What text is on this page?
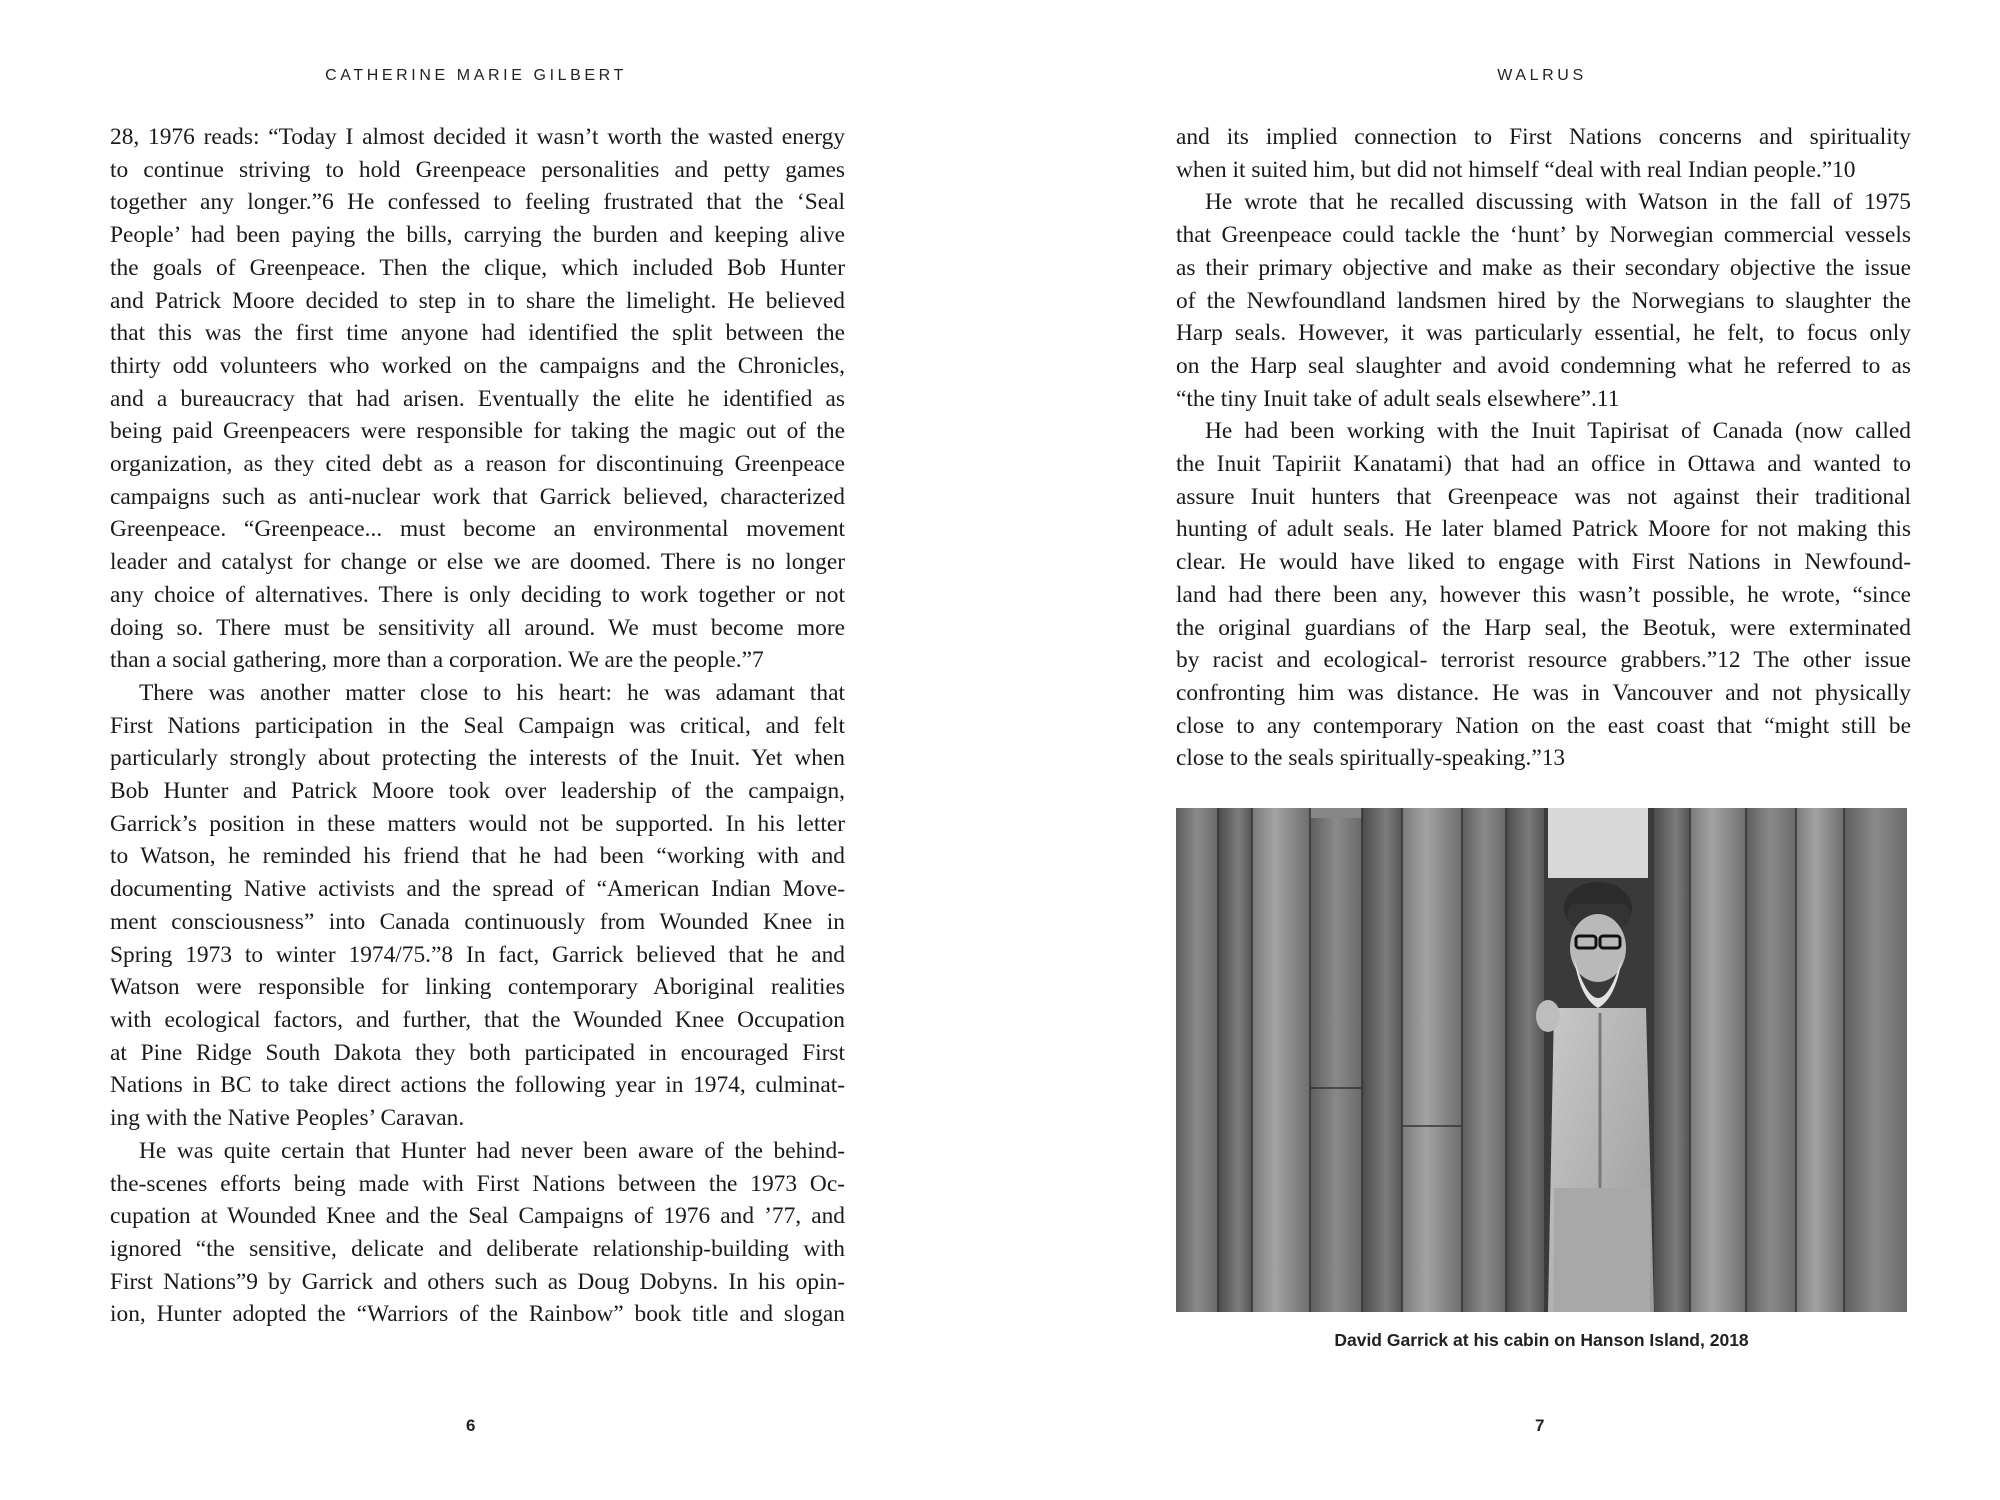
CATHERINE MARIE GILBERT

28, 1976 reads: “Today I almost decided it wasn’t worth the wasted energy
to continue striving to hold Greenpeace personalities and petty games
together any longer.”6 He confessed to feeling frustrated that the ‘Seal
People’ had been paying the bills, carrying the burden and keeping alive
the goals of Greenpeace. Then the clique, which included Bob Hunter
and Patrick Moore decided to step in to share the limelight. He believed
that this was the first time anyone had identified the split between the
thirty odd volunteers who worked on the campaigns and the Chronicles,
and a bureaucracy that had arisen. Eventually the elite he identified as
being paid Greenpeacers were responsible for taking the magic out of the
organization, as they cited debt as a reason for discontinuing Greenpeace
campaigns such as anti-nuclear work that Garrick believed, characterized
Greenpeace. “Greenpeace... must become an environmental movement
leader and catalyst for change or else we are doomed. There is no longer
any choice of alternatives. There is only deciding to work together or not
doing so. There must be sensitivity all around. We must become more
than a social gathering, more than a corporation. We are the people.”7

There was another matter close to his heart: he was adamant that
First Nations participation in the Seal Campaign was critical, and felt
particularly strongly about protecting the interests of the Inuit. Yet when
Bob Hunter and Patrick Moore took over leadership of the campaign,
Garrick’s position in these matters would not be supported. In his letter
to Watson, he reminded his friend that he had been “working with and
documenting Native activists and the spread of “American Indian Move-
ment consciousness” into Canada continuously from Wounded Knee in
Spring 1973 to winter 1974/75.”8 In fact, Garrick believed that he and
Watson were responsible for linking contemporary Aboriginal realities
with ecological factors, and further, that the Wounded Knee Occupation
at Pine Ridge South Dakota they both participated in encouraged First
Nations in BC to take direct actions the following year in 1974, culminat-
ing with the Native Peoples’ Caravan.

He was quite certain that Hunter had never been aware of the behind-
the-scenes efforts being made with First Nations between the 1973 Oc-
cupation at Wounded Knee and the Seal Campaigns of 1976 and ’77, and
ignored “the sensitive, delicate and deliberate relationship-building with
First Nations”9 by Garrick and others such as Doug Dobyns. In his opin-
ion, Hunter adopted the “Warriors of the Rainbow” book title and slogan

6
WALRUS

and its implied connection to First Nations concerns and spirituality
when it suited him, but did not himself “deal with real Indian people.”10

He wrote that he recalled discussing with Watson in the fall of 1975
that Greenpeace could tackle the ‘hunt’ by Norwegian commercial vessels
as their primary objective and make as their secondary objective the issue
of the Newfoundland landsmen hired by the Norwegians to slaughter the
Harp seals. However, it was particularly essential, he felt, to focus only
on the Harp seal slaughter and avoid condemning what he referred to as
“the tiny Inuit take of adult seals elsewhere”.11

He had been working with the Inuit Tapirisat of Canada (now called
the Inuit Tapiriit Kanatami) that had an office in Ottawa and wanted to
assure Inuit hunters that Greenpeace was not against their traditional
hunting of adult seals. He later blamed Patrick Moore for not making this
clear. He would have liked to engage with First Nations in Newfound-
land had there been any, however this wasn’t possible, he wrote, “since
the original guardians of the Harp seal, the Beotuk, were exterminated
by racist and ecological- terrorist resource grabbers.”12 The other issue
confronting him was distance. He was in Vancouver and not physically
close to any contemporary Nation on the east coast that “might still be
close to the seals spiritually-speaking.”13

David Garrick at his cabin on Hanson Island, 2018
7
